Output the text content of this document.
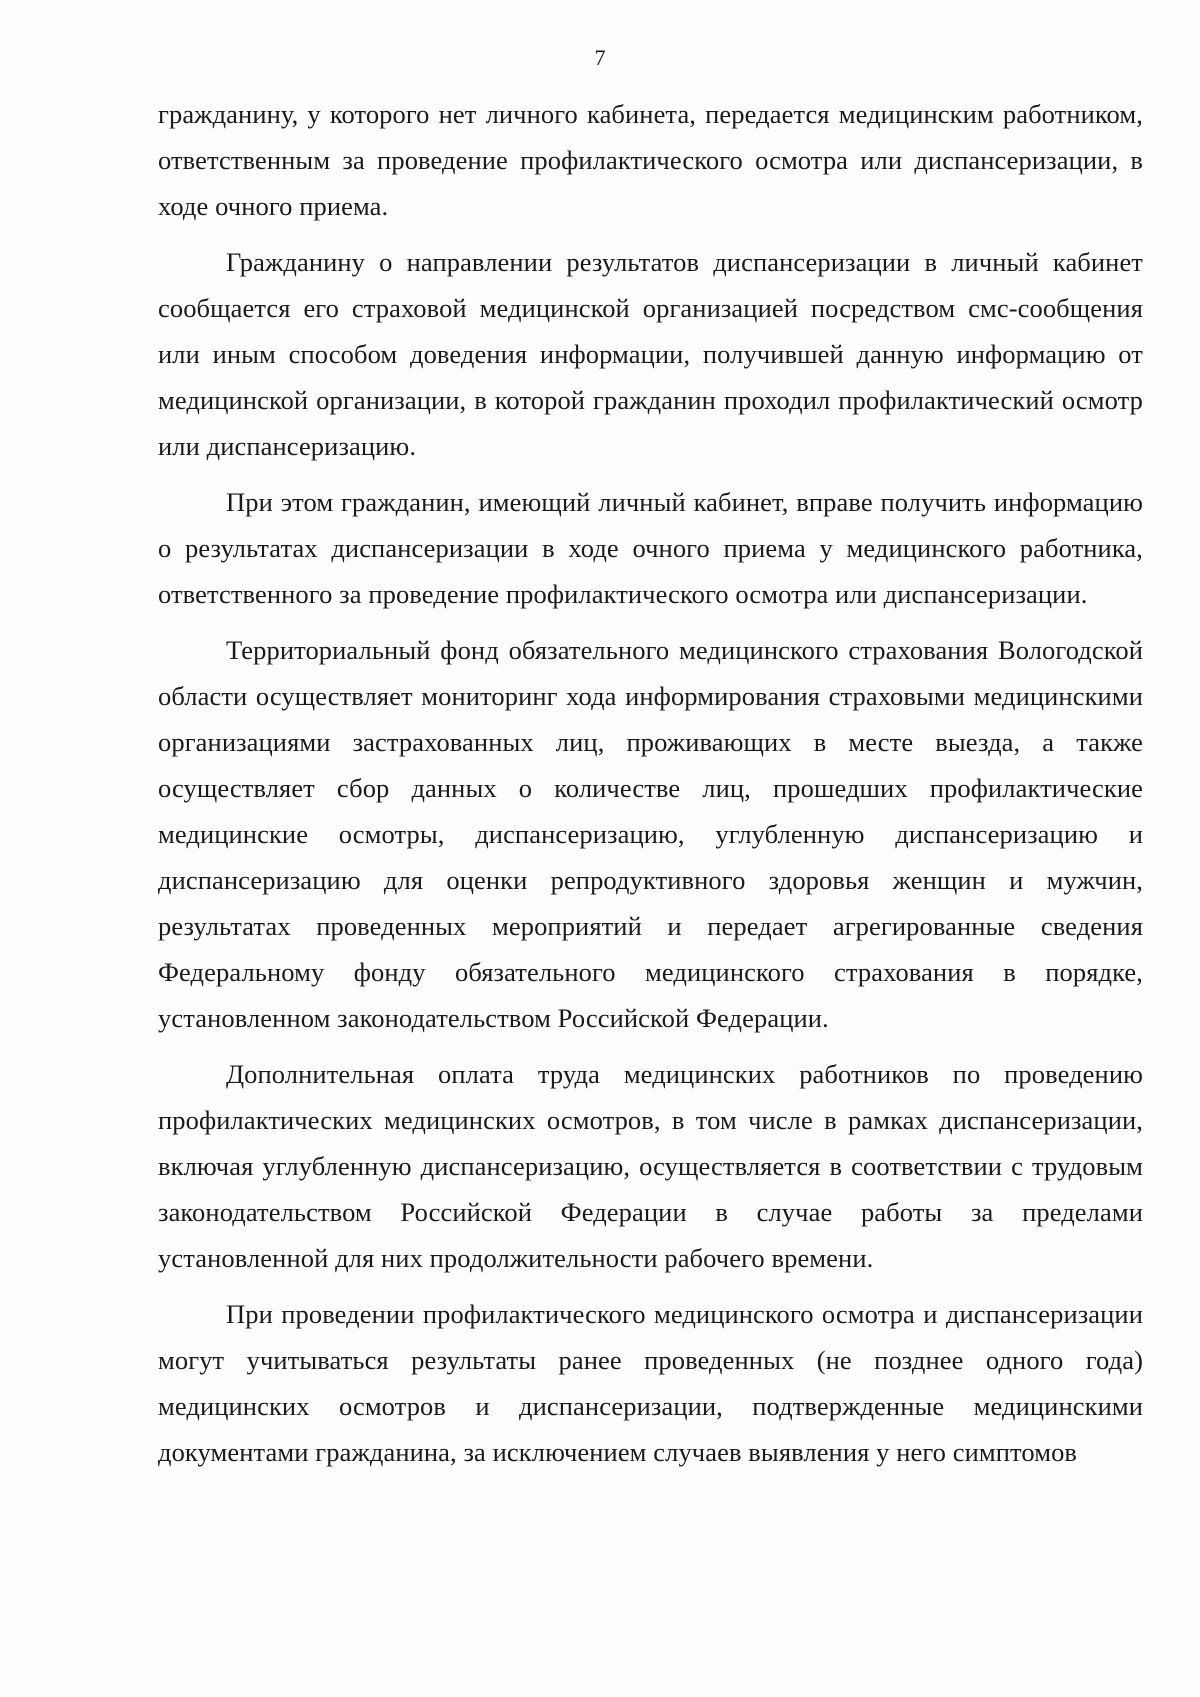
7

гражданину, у которого нет личного кабинета, передается медицинским работником, ответственным за проведение профилактического осмотра или диспансеризации, в ходе очного приема.

Гражданину о направлении результатов диспансеризации в личный кабинет сообщается его страховой медицинской организацией посредством смс-сообщения или иным способом доведения информации, получившей данную информацию от медицинской организации, в которой гражданин проходил профилактический осмотр или диспансеризацию.

При этом гражданин, имеющий личный кабинет, вправе получить информацию о результатах диспансеризации в ходе очного приема у медицинского работника, ответственного за проведение профилактического осмотра или диспансеризации.

Территориальный фонд обязательного медицинского страхования Вологодской области осуществляет мониторинг хода информирования страховыми медицинскими организациями застрахованных лиц, проживающих в месте выезда, а также осуществляет сбор данных о количестве лиц, прошедших профилактические медицинские осмотры, диспансеризацию, углубленную диспансеризацию и диспансеризацию для оценки репродуктивного здоровья женщин и мужчин, результатах проведенных мероприятий и передает агрегированные сведения Федеральному фонду обязательного медицинского страхования в порядке, установленном законодательством Российской Федерации.

Дополнительная оплата труда медицинских работников по проведению профилактических медицинских осмотров, в том числе в рамках диспансеризации, включая углубленную диспансеризацию, осуществляется в соответствии с трудовым законодательством Российской Федерации в случае работы за пределами установленной для них продолжительности рабочего времени.

При проведении профилактического медицинского осмотра и диспансеризации могут учитываться результаты ранее проведенных (не позднее одного года) медицинских осмотров и диспансеризации, подтвержденные медицинскими документами гражданина, за исключением случаев выявления у него симптомов
